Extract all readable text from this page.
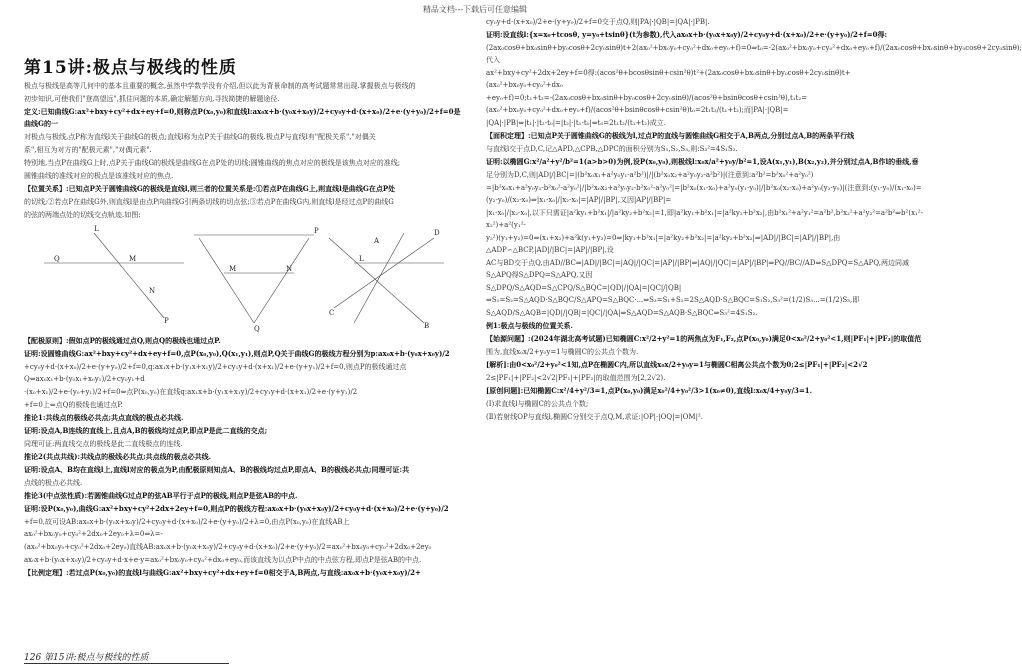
精品文档---下载后可任意编辑
第15讲:极点与极线的性质

极点与极线是高等几何中的基本且重要的概念,虽然中学数学没有介绍,但以此为背景命制的高考试题常常出现.掌握极点与极线的

初步知识,可使我们"登高望远",抓住问题的本质,确定解题方向,寻找简捷的解题途径.

定义:已知曲线G:ax²+bxy+cy²+dx+ey+f=0,则称点P(x₀,y₀)和直线l:ax₀x+b·(y₀x+x₀y)/2+cy₀y+d·(x+x₀)/2+e·(y+y₀)/2+f=0是曲线G的一

对极点与极线,点P称为直线l关于曲线G的极点;直线l称为点P关于曲线G的极线.极点P与直线l有"配极关系","对偶关

系",相互为对方的"配极元素","对偶元素".

特别地,当点P在曲线G上时,点P关于曲线G的极线是曲线G在点P处的切线;圆锥曲线的焦点对应的极线是该焦点对应的准线;

圆锥曲线的准线对应的极点是该准线对应的焦点.

【位置关系】:已知点P关于圆锥曲线G的极线是直线l,则三者的位置关系是:①若点P在曲线G上,则直线l是曲线G在点P处

的切线;②若点P在曲线G外,则直线l是由点P向曲线G引两条切线的切点弦;③若点P在曲线G内,则直线l是经过点P的曲线G

的弦的两端点处的切线交点轨迹.如图:

L
M
N
P
Q
M	N
Q
P
A
B
C
D
L

【配极原则】:假如点P的极线通过点Q,则点Q的极线也通过点P.

证明:设圆锥曲线G:ax²+bxy+cy²+dx+ey+f=0,点P(x₀,y₀),Q(x₁,y₁),则点P,Q关于曲线G的极线方程分别为p:ax₀x+b·(y₀x+x₀y)/2

+cy₀y+d·(x+x₀)/2+e·(y+y₀)/2+f=0,q:ax₁x+b·(y₁x+x₁y)/2+cy₁y+d·(x+x₁)/2+e·(y+y₁)/2+f=0,则点P的极线通过点Q⇔ax₀x₁+b·(y₀x₁+x₀y₁)/2+cy₀y₁+d

·(x₀+x₁)/2+e·(y₀+y₁)/2+f=0⇔点P(x₀,y₀)在直线q:ax₁x+b·(y₁x+x₁y)/2+cy₁y+d·(x+x₁)/2+e·(y+y₁)/2

+f=0上⇔点Q的极线也通过点P.

推论1:共线点的极线必共点;共点直线的极点必共线.

证明:设点A,B连线的直线上,且点A,B的极线均过点P,即点P是此二直线的交点;

同理可证:两直线交点的极线是此二直线极点的连线.

推论2(共点共线):共线点的极线必共点;共点线的极点必共线.

证明:设点A、B均在直线l上,直线l对应的极点为P,由配极原则知点A、B的极线均过点P,即点A、B的极线必共点;同理可证:共

点线的极点必共线.

推论3(中点弦性质):若圆锥曲线G过点P的弦AB平行于点P的极线,则点P是弦AB的中点.

证明:设P(x₀,y₀),曲线G:ax²+bxy+cy²+2dx+2ey+f=0,则点P的极线方程:ax₀x+b·(y₀x+x₀y)/2+cy₀y+d·(x+x₀)/2+e·(y+y₀)/2

+f=0,故可设AB:ax₀x+b·(y₀x+x₀y)/2+cy₀y+d·(x+x₀)/2+e·(y+y₀)/2+λ=0,由点P(x₀,y₀)在直线AB上ax₀²+bx₀y₀+cy₀²+2dx₀+2ey₀+λ=0⇒λ=-

(ax₀²+bx₀y₀+cy₀²+2dx₀+2ey₀)直线AB:ax₀x+b·(y₀x+x₀y)/2+cy₀y+d·(x+x₀)/2+e·(y+y₀)/2=ax₀²+bx₀y₀+cy₀²+2dx₀+2ey₀

ax₀x+b·(y₀x+x₀y)/2+cy₀y+d·x+e·y=ax₀²+bx₀y₀+cy₀²+dx₀+ey₀,而该直线为以点P中点的中点弦方程,即点P是弦AB的中点.

【比例定理】:若过点P(x₀,y₀)的直线l与曲线G:ax²+bxy+cy²+dx+ey+f=0相交于A,B两点,与直线:ax₀x+b·(y₀x+x₀y)/2+

cy₀y+d·(x+x₀)/2+e·(y+y₀)/2+f=0交于点Q,则|PA|·|QB|=|QA|·|PB|.

证明:设直线l:{x=x₀+tcosθ, y=y₀+tsinθ}(t为参数),代入ax₀x+b·(y₀x+x₀y)/2+cy₀y+d·(x+x₀)/2+e·(y+y₀)/2+f=0得:

(2ax₀cosθ+bx₀sinθ+by₀cosθ+2cy₀sinθ)t+2(ax₀²+bx₀y₀+cy₀²+dx₀+ey₀+f)=0⇒t₀=-2(ax₀²+bx₀y₀+cy₀²+dx₀+ey₀+f)/(2ax₀cosθ+bx₀sinθ+by₀cosθ+2cy₀sinθ);代入

ax²+bxy+cy²+2dx+2ey+f=0得:(acos²θ+bcosθsinθ+csin²θ)t²+(2ax₀cosθ+bx₀sinθ+by₀cosθ+2cy₀sinθ)t+(ax₀²+bx₀y₀+cy₀²+dx₀

+ey₀+f)=0;t₁+t₂=-(2ax₀cosθ+bx₀sinθ+by₀cosθ+2cy₀sinθ)/(acos²θ+bsinθcosθ+csin²θ),t₁t₂=(ax₀²+bx₀y₀+cy₀²+dx₀+ey₀+f)/(acos²θ+bsinθcosθ+csin²θ)t₀=2t₁t₂/(t₁+t₂);而|PA|·|QB|=

|QA|·|PB|⇔|t₁|·|t₂-t₀|=|t₂|·|t₁-t₀|⇔t₀=2t₁t₂/(t₁+t₂)成立.

【面积定理】:已知点P关于圆锥曲线G的极线为l,过点P的直线与圆锥曲线G相交于A,B两点,分别过点A,B的两条平行线

与直线l交于点D,C,记△APD,△CPB,△DPC的面积分别为S₁,S₂,S₃,则:S₃²=4S₁S₂.

证明:以椭圆G:x²/a²+y²/b²=1(a>b>0)为例,设P(x₀,y₀),则极线l:x₀x/a²+y₀y/b²=1,设A(x₁,y₁),B(x₂,y₂),并分别过点A,B作l的垂线,垂

足分别为D,C,则|AD|/|BC|=|(b²x₀x₁+a²y₀y₁-a²b²)|/|(b²x₀x₂+a²y₀y₂-a²b²)|(注意到:a²b²=b²x₀²+a²y₀²)

=|b²x₀x₁+a²y₀y₁-b²x₀²-a²y₀²|/|b²x₀x₂+a²y₀y₂-b²x₀²-a²y₀²|=|b²x₀(x₁-x₀)+a²y₀(y₁-y₀)|/|b²x₀(x₂-x₀)+a²y₀(y₂-y₀)|(注意到:(y₁-y₀)/(x₁-x₀)=(y₂-y₀)/(x₂-x₀)⇒|x₁-x₀|/|x₂-x₀|=|AP|/|BP|,又因|AP|/|BP|=

|x₁-x₀|/|x₂-x₀|,以下只需证|a²ky₁+b²x₁|/|a²ky₂+b²x₂|=1,即|a²ky₁+b²x₁|=|a²ky₂+b²x₂|,由b²x₁²+a²y₁²=a²b²,b²x₂²+a²y₂²=a²b²⇒b²(x₁²-x₂²)+a²(y₁²-

y₂²)(y₁+y₂)=0⇒(x₁+x₂)+a²k(y₁+y₂)=0⇒|ky₁+b²x₁|=|a²ky₂+b²x₂|=|a²ky₂+b²x₂|⇒|AD|/|BC|=|AP|/|BP|,由△ADP∽△BCP,|AD|/|BC|=|AP|/|BP|,设

AC与BD交于点Q,由AD//BC⇒|AD|/|BC|=|AQ|/|QC|=|AP|/|BP|⇒|AQ|/|QC|=|AP|/|BP|⇒PQ//BC//AD⇒S△DPQ=S△APQ,两边同减S△APQ得S△DPQ=S△APQ,又因

S△DPQ/S△AQD=S△CPQ/S△BQC=|QD|/|QA|=|QC|/|QB|⇒S₁=S₂=S△AQD·S△BQC/S△APQ=S△BQC·...⇒S₃=S₁+S₂=2S△AQD·S△BQC=S₁S₂,S₃²=(1/2)S₃...=(1/2)S₃,即

S△AQD/S△AQB=|QD|/|QB|=|QC|/|QA|⇒S△AQD=S△AQB·S△BQC⇒S₃²=4S₁S₂.

例1:极点与极线的位置关系.

【始源问题】:(2024年湖北高考试题)已知椭圆C:x²/2+y²=1的两焦点为F₁,F₂,点P(x₀,y₀)满足0<x₀²/2+y₀²<1,则|PF₁|+|PF₂|的取值范

围为,直线x₀x/2+y₀y=1与椭圆C的公共点个数为.

[解析]:由0<x₀²/2+y₀²<1知,点P在椭圆C内,所以直线x₀x/2+y₀y=1与椭圆C相离公共点个数为0;2≤|PF₁|+|PF₂|<2√2

2≤|PF₁|+|PF₂|<2√2|PF₁|+|PF₂|的取值范围为[2,2√2).

[原创问题]:已知椭圆C:x²/4+y²/3=1,点P(x₀,y₀)满足x₀²/4+y₀²/3>1(x₀≠0),直线l:x₀x/4+y₀y/3=1.

(Ⅰ)求直线l与椭圆C的公共点个数;

(Ⅱ)若射线OP与直线l,椭圆C分别交于点Q,M,求证:|OP|·|OQ|=|OM|².

126 第15讲:极点与极线的性质
